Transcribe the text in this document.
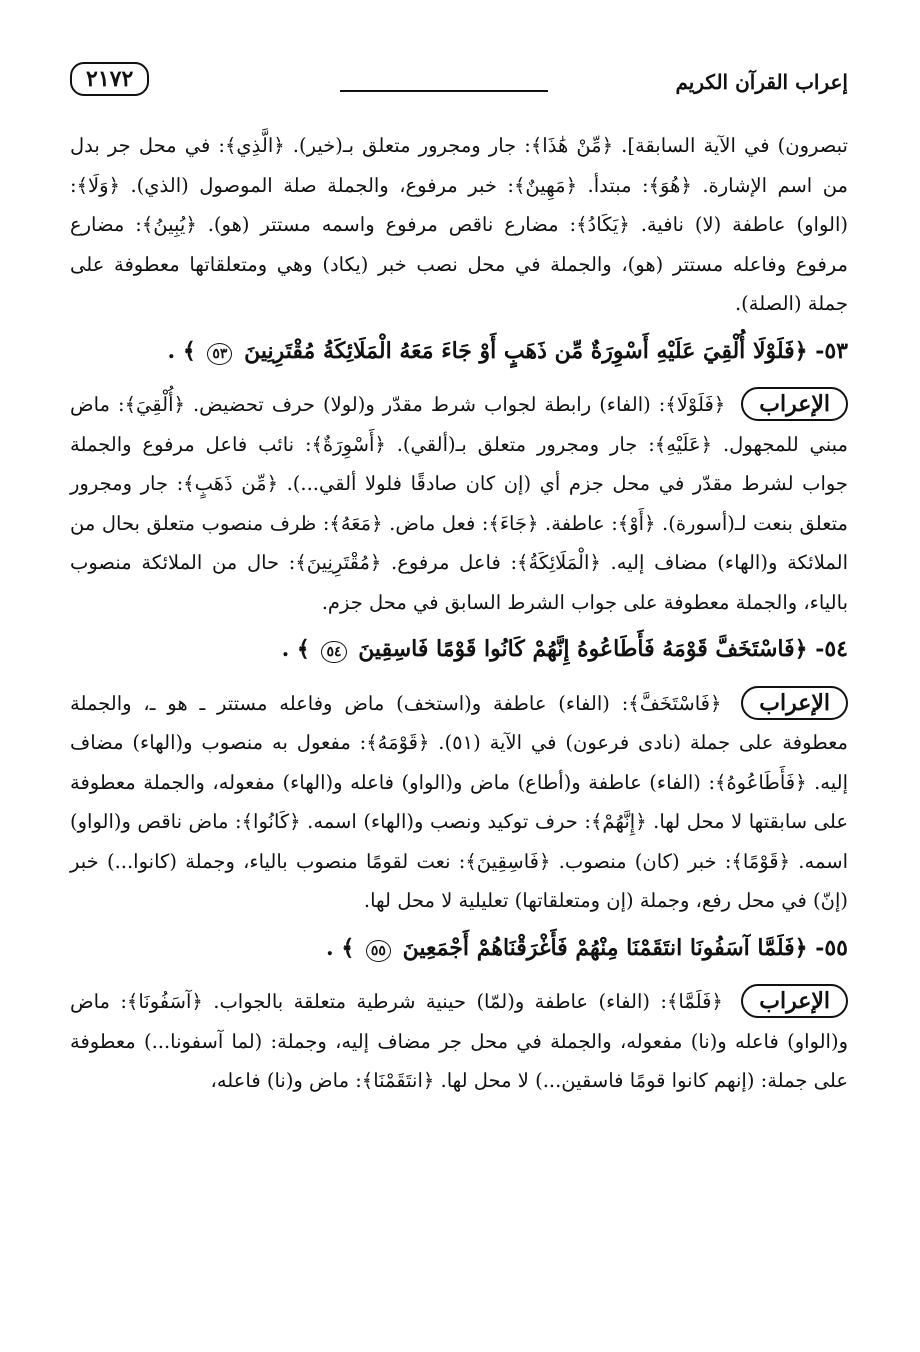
٢١٧٢	إعراب القرآن الكريم

تبصرون) في الآية السابقة]. ﴿مِّنْ هَٰذَا﴾: جار ومجرور متعلق بـ(خير). ﴿الَّذِي﴾: في محل جر بدل من اسم الإشارة. ﴿هُوَ﴾: مبتدأ. ﴿مَهِينٌ﴾: خبر مرفوع، والجملة صلة الموصول (الذي). ﴿وَلَا﴾: (الواو) عاطفة (لا) نافية. ﴿يَكَادُ﴾: مضارع ناقص مرفوع واسمه مستتر (هو). ﴿يُبِينُ﴾: مضارع مرفوع وفاعله مستتر (هو)، والجملة في محل نصب خبر (يكاد) وهي ومتعلقاتها معطوفة على جملة (الصلة).

٥٣- ﴿فَلَوْلَا أُلْقِيَ عَلَيْهِ أَسْوِرَةٌ مِّن ذَهَبٍ أَوْ جَاءَ مَعَهُ الْمَلَائِكَةُ مُقْتَرِنِينَ ٥٣ ﴾ .

الإعراب ﴿فَلَوْلَا﴾: (الفاء) رابطة لجواب شرط مقدّر و(لولا) حرف تحضيض. ﴿أُلْقِيَ﴾: ماض مبني للمجهول. ﴿عَلَيْهِ﴾: جار ومجرور متعلق بـ(ألقي). ﴿أَسْوِرَةٌ﴾: نائب فاعل مرفوع والجملة جواب لشرط مقدّر في محل جزم أي (إن كان صادقًا فلولا ألقي...). ﴿مِّن ذَهَبٍ﴾: جار ومجرور متعلق بنعت لـ(أسورة). ﴿أَوْ﴾: عاطفة. ﴿جَاءَ﴾: فعل ماض. ﴿مَعَهُ﴾: ظرف منصوب متعلق بحال من الملائكة و(الهاء) مضاف إليه. ﴿الْمَلَائِكَةُ﴾: فاعل مرفوع. ﴿مُقْتَرِنِينَ﴾: حال من الملائكة منصوب بالياء، والجملة معطوفة على جواب الشرط السابق في محل جزم.

٥٤- ﴿فَاسْتَخَفَّ قَوْمَهُ فَأَطَاعُوهُ إِنَّهُمْ كَانُوا قَوْمًا فَاسِقِينَ ٥٤ ﴾ .

الإعراب ﴿فَاسْتَخَفَّ﴾: (الفاء) عاطفة و(استخف) ماض وفاعله مستتر ـ هو ـ، والجملة معطوفة على جملة (نادى فرعون) في الآية (٥١). ﴿قَوْمَهُ﴾: مفعول به منصوب و(الهاء) مضاف إليه. ﴿فَأَطَاعُوهُ﴾: (الفاء) عاطفة و(أطاع) ماض و(الواو) فاعله و(الهاء) مفعوله، والجملة معطوفة على سابقتها لا محل لها. ﴿إِنَّهُمْ﴾: حرف توكيد ونصب و(الهاء) اسمه. ﴿كَانُوا﴾: ماض ناقص و(الواو) اسمه. ﴿قَوْمًا﴾: خبر (كان) منصوب. ﴿فَاسِقِينَ﴾: نعت لقومًا منصوب بالياء، وجملة (كانوا...) خبر (إنّ) في محل رفع، وجملة (إن ومتعلقاتها) تعليلية لا محل لها.

٥٥- ﴿فَلَمَّا آسَفُونَا انتَقَمْنَا مِنْهُمْ فَأَغْرَقْنَاهُمْ أَجْمَعِينَ ٥٥ ﴾ .

الإعراب ﴿فَلَمَّا﴾: (الفاء) عاطفة و(لمّا) حينية شرطية متعلقة بالجواب. ﴿آسَفُونَا﴾: ماض و(الواو) فاعله و(نا) مفعوله، والجملة في محل جر مضاف إليه، وجملة: (لما آسفونا...) معطوفة على جملة: (إنهم كانوا قومًا فاسقين...) لا محل لها. ﴿انتَقَمْنَا﴾: ماض و(نا) فاعله،
